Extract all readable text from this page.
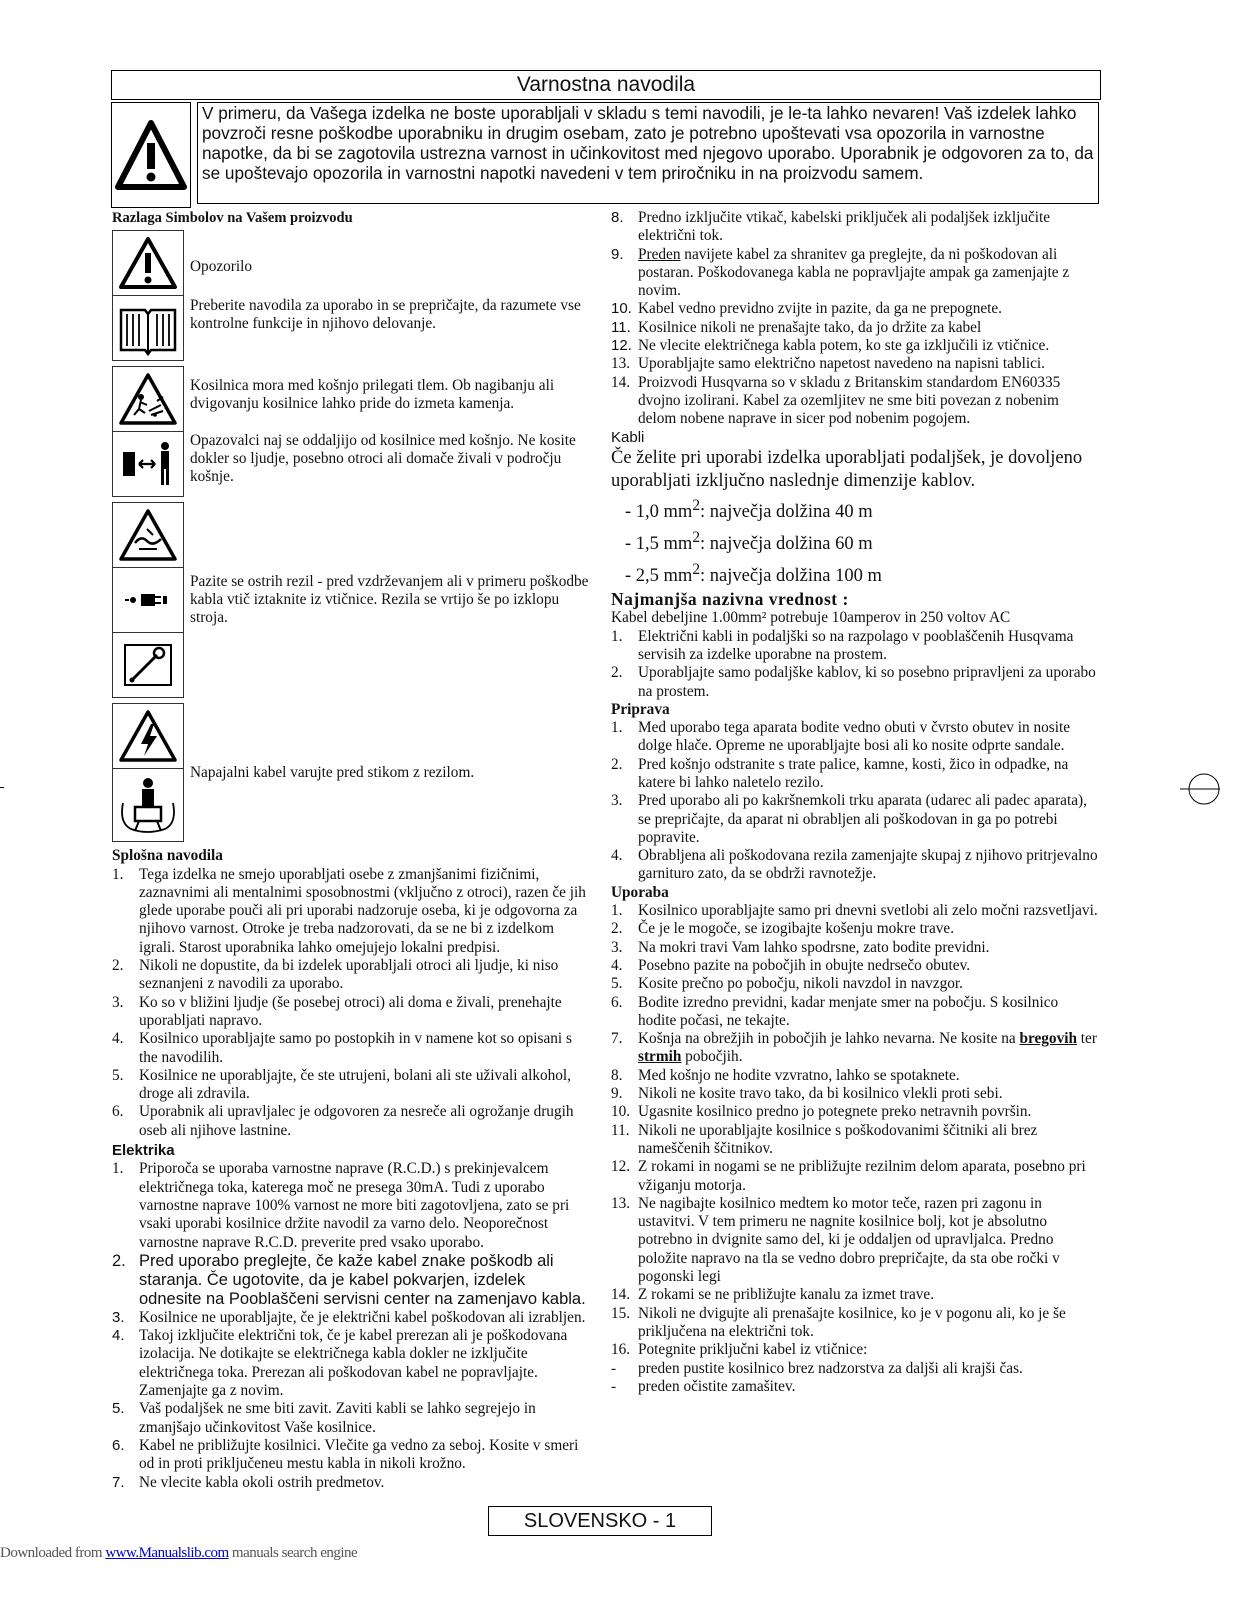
Varnostna navodila
V primeru, da Vašega izdelka ne boste uporabljali v skladu s temi navodili, je le-ta lahko nevaren! Vaš izdelek lahko povzroči resne poškodbe uporabniku in drugim osebam, zato je potrebno upoštevati vsa opozorila in varnostne napotke, da bi se zagotovila ustrezna varnost in učinkovitost med njegovo uporabo. Uporabnik je odgovoren za to, da se upoštevajo opozorila in varnostni napotki navedeni v tem priročniku in na proizvodu samem.
Razlaga Simbolov na Vašem proizvodu

Opozorilo

Preberite navodila za uporabo in se prepričajte, da razumete vse kontrolne funkcije in njihovo delovanje.

Kosilnica mora med košnjo prilegati tlem. Ob nagibanju ali dvigovanju kosilnice lahko pride do izmeta kamenja.

Opazovalci naj se oddaljijo od kosilnice med košnjo. Ne kosite dokler so ljudje, posebno otroci ali domače živali v področju košnje.

Pazite se ostrih rezil - pred vzdrževanjem ali v primeru poškodbe kabla vtič iztaknite iz vtičnice. Rezila se vrtijo še po izklopu stroja.

Napajalni kabel varujte pred stikom z rezilom.

Splošna navodila
1.	Tega izdelka ne smejo uporabljati osebe z zmanjšanimi fizičnimi, zaznavnimi ali mentalnimi sposobnostmi (vključno z otroci), razen če jih glede uporabe pouči ali pri uporabi nadzoruje oseba, ki je odgovorna za njihovo varnost. Otroke je treba nadzorovati, da se ne bi z izdelkom igrali. Starost uporabnika lahko omejujejo lokalni predpisi.
2.	Nikoli ne dopustite, da bi izdelek uporabljali otroci ali ljudje, ki niso seznanjeni z navodili za uporabo.
3.	Ko so v bližini ljudje (še posebej otroci) ali doma e živali, prenehajte uporabljati napravo.
4.	Kosilnico uporabljajte samo po postopkih in v namene kot so opisani s the navodilih.
5.	Kosilnice ne uporabljajte, če ste utrujeni, bolani ali ste uživali alkohol, droge ali zdravila.
6.	Uporabnik ali upravljalec je odgovoren za nesreče ali ogrožanje drugih oseb ali njihove lastnine.
Elektrika
1.	Priporoča se uporaba varnostne naprave (R.C.D.) s prekinjevalcem električnega toka, katerega moč ne presega 30mA. Tudi z uporabo varnostne naprave 100% varnost ne more biti zagotovljena, zato se pri vsaki uporabi kosilnice držite navodil za varno delo. Neoporečnost varnostne naprave R.C.D. preverite pred vsako uporabo.
2. Pred uporabo preglejte, če kaže kabel znake poškodb ali staranja. Če ugotovite, da je kabel pokvarjen, izdelek odnesite na Pooblaščeni servisni center na zamenjavo kabla.
3. Kosilnice ne uporabljajte, če je električni kabel poškodovan ali izrabljen.
4. Takoj izključite električni tok, če je kabel prerezan ali je poškodovana izolacija. Ne dotikajte se električnega kabla dokler ne izključite električnega toka. Prerezan ali poškodovan kabel ne popravljajte. Zamenjajte ga z novim.
5. Vaš podaljšek ne sme biti zavit. Zaviti kabli se lahko segrejejo in zmanjšajo učinkovitost Vaše kosilnice.
6. Kabel ne približujte kosilnici. Vlečite ga vedno za seboj. Kosite v smeri od in proti priključeneu mestu kabla in nikoli krožno.
7. Ne vlecite kabla okoli ostrih predmetov.
8. Predno izključite vtikač, kabelski priključek ali podaljšek izključite električni tok.
9. Preden navijete kabel za shranitev ga preglejte, da ni poškodovan ali postaran. Poškodovanega kabla ne popravljajte ampak ga zamenjajte z novim.
10. Kabel vedno previdno zvijte in pazite, da ga ne prepognete.
11. Kosilnice nikoli ne prenašajte tako, da jo držite za kabel
12. Ne vlecite električnega kabla potem, ko ste ga izključili iz vtičnice.
13. Uporabljajte samo električno napetost navedeno na napisni tablici.
14. Proizvodi Husqvarna so v skladu z Britanskim standardom EN60335 dvojno izolirani. Kabel za ozemljitev ne sme biti povezan z nobenim delom nobene naprave in sicer pod nobenim pogojem.
Kabli
Če želite pri uporabi izdelka uporabljati podaljšek, je dovoljeno uporabljati izključno naslednje dimenzije kablov.
- 1,0 $mm^2$: največja dolžina 40 m
- 1,5 $mm^2$: največja dolžina 60 m
- 2,5 $mm^2$: največja dolžina 100 m
Najmanjša nazivna vrednost :
Kabel debeljine 1.00mm² potrebuje 10amperov in 250 voltov AC
1.	Električni kabli in podaljški so na razpolago v pooblaščenih Husqvama servisih za izdelke uporabne na prostem.
2.	Uporabljajte samo podaljške kablov, ki so posebno pripravljeni za uporabo na prostem.
Priprava
1.	Med uporabo tega aparata bodite vedno obuti v čvrsto obutev in nosite dolge hlače. Opreme ne uporabljajte bosi ali ko nosite odprte sandale.
2.	Pred košnjo odstranite s trate palice, kamne, kosti, žico in odpadke, na katere bi lahko naletelo rezilo.
3.	Pred uporabo ali po kakršnemkoli trku aparata (udarec ali padec aparata), se prepričajte, da aparat ni obrabljen ali poškodovan in ga po potrebi popravite.
4.	Obrabljena ali poškodovana rezila zamenjajte skupaj z njihovo pritrjevalno garnituro zato, da se obdrži ravnotežje.
Uporaba
1.	Kosilnico uporabljajte samo pri dnevni svetlobi ali zelo močni razsvetljavi.
2.	Če je le mogoče, se izogibajte košenju mokre trave.
3.	Na mokri travi Vam lahko spodrsne, zato bodite previdni.
4.	Posebno pazite na pobočjih in obujte nedrsečo obutev.
5.	Kosite prečno po pobočju, nikoli navzdol in navzgor.
6.	Bodite izredno previdni, kadar menjate smer na pobočju. S kosilnico hodite počasi, ne tekajte.
7.	Košnja na obrežjih in pobočjih je lahko nevarna. Ne kosite na bregovih ter strmih pobočjih.
8.	Med košnjo ne hodite vzvratno, lahko se spotaknete.
9.	Nikoli ne kosite travo tako, da bi kosilnico vlekli proti sebi.
10. Ugasnite kosilnico predno jo potegnete preko netravnih površin.
11. Nikoli ne uporabljajte kosilnice s poškodovanimi ščitniki ali brez nameščenih ščitnikov.
12. Z rokami in nogami se ne približujte rezilnim delom aparata, posebno pri vžiganju motorja.
13. Ne nagibajte kosilnico medtem ko motor teče, razen pri zagonu in ustavitvi. V tem primeru ne nagnite kosilnice bolj, kot je absolutno potrebno in dvignite samo del, ki je oddaljen od upravljalca. Predno položite napravo na tla se vedno dobro prepričajte, da sta obe ročki v pogonski legi
14. Z rokami se ne približujte kanalu za izmet trave.
15. Nikoli ne dvigujte ali prenašajte kosilnice, ko je v pogonu ali, ko je še priključena na električni tok.
16. Potegnite priključni kabel iz vtičnice:
-	preden pustite kosilnico brez nadzorstva za daljši ali krajši čas.
-	preden očistite zamašitev.
SLOVENSKO - 1
Downloaded from www.Manualslib.com manuals search engine
